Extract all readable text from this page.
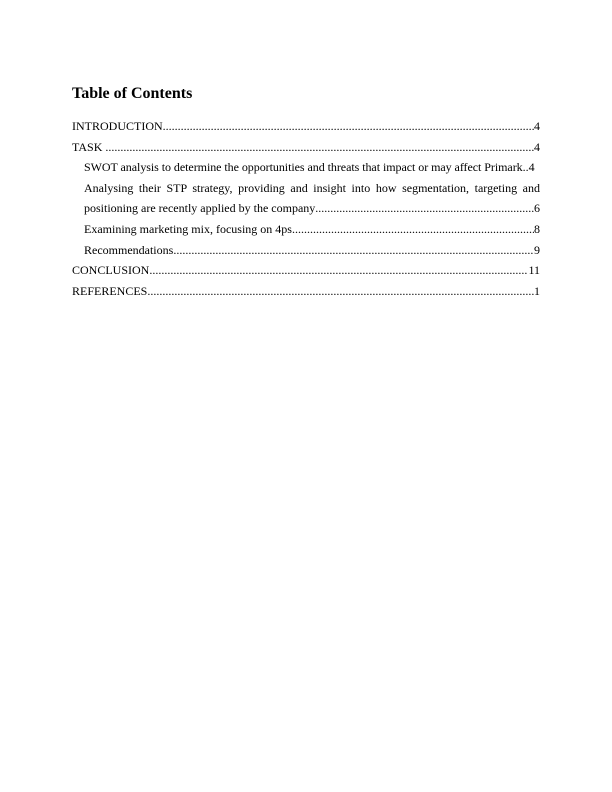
Table of Contents
INTRODUCTION .....	4
TASK .....	4
SWOT analysis to determine the opportunities and threats that impact or may affect Primark. .4
Analysing their STP strategy, providing and insight into how segmentation, targeting and
positioning are recently applied by the company .....	6
Examining marketing mix, focusing on 4ps. .....	8
Recommendations .....	9
CONCLUSION .....	11
REFERENCES .....	1
